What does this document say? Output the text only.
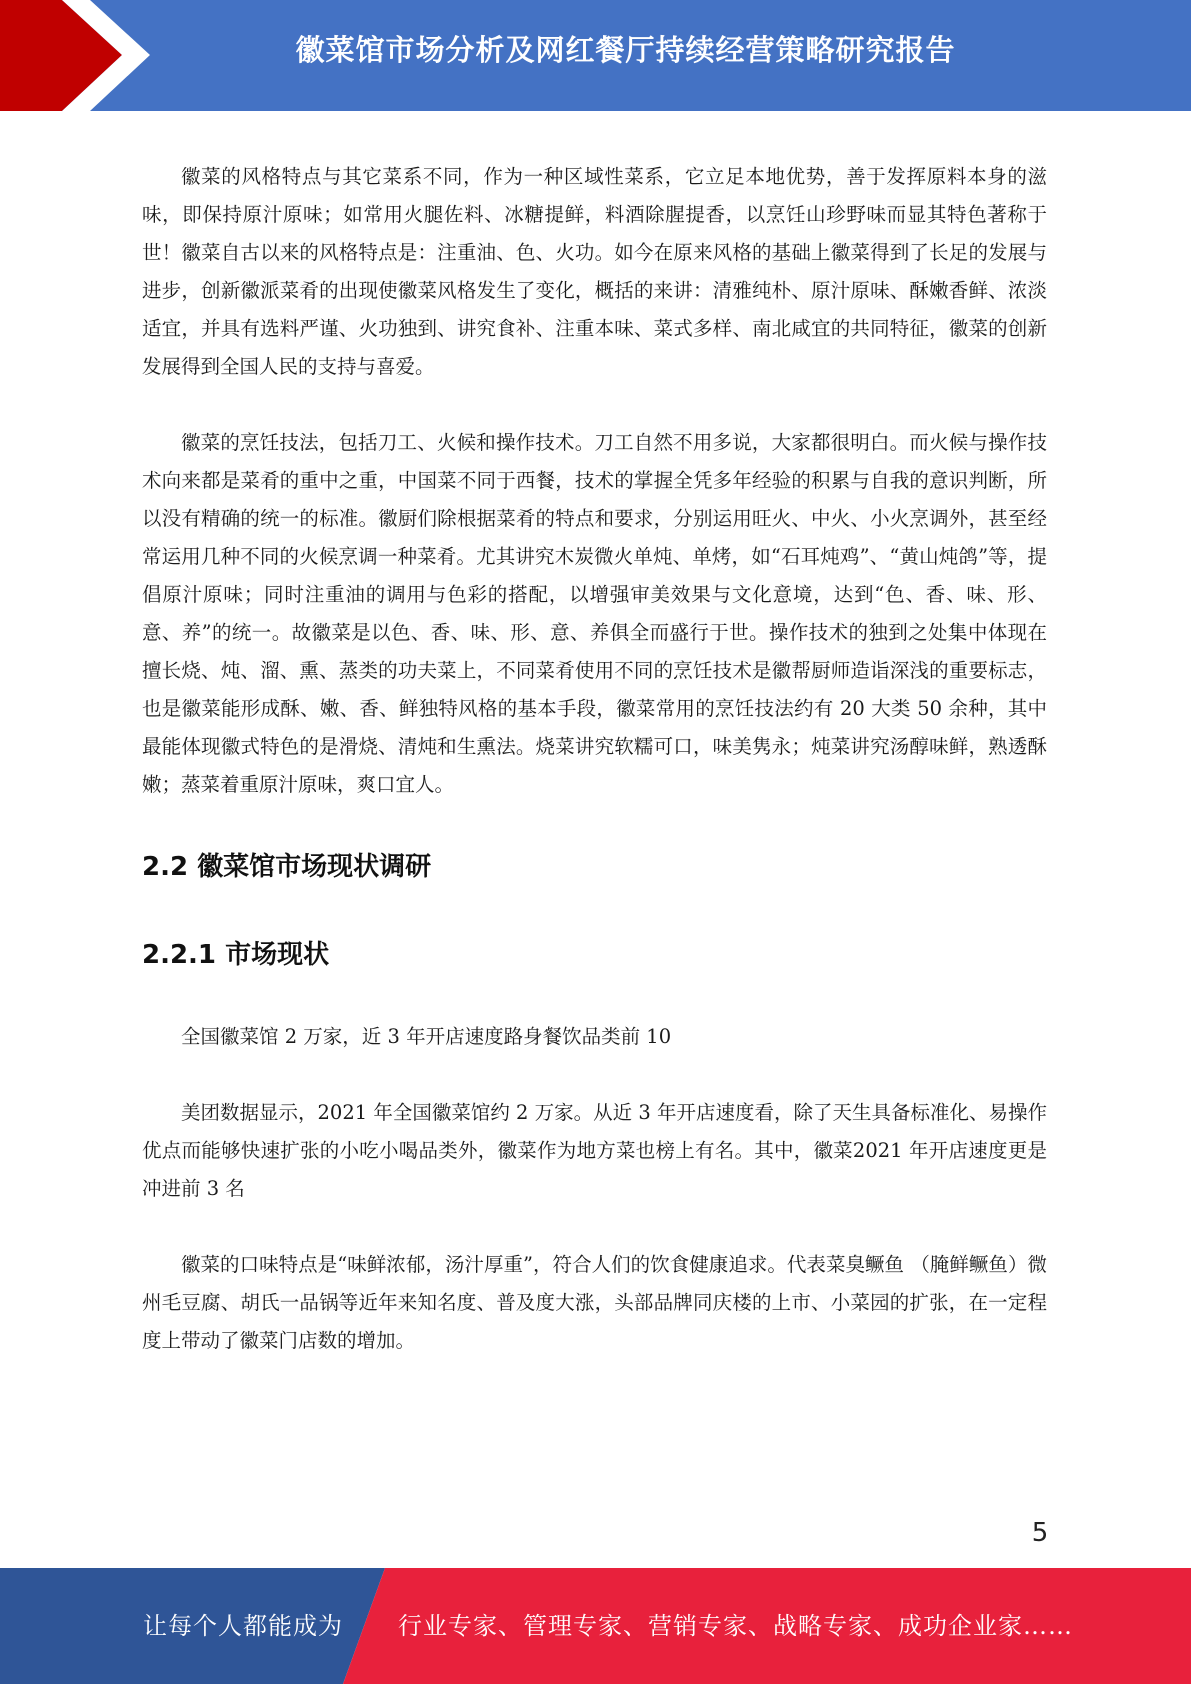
徽菜馆市场分析及网红餐厅持续经营策略研究报告

徽菜的风格特点与其它菜系不同，作为一种区域性菜系，它立足本地优势，善于发挥原料本身的滋味，即保持原汁原味；如常用火腿佐料、冰糖提鲜，料酒除腥提香，以烹饪山珍野味而显其特色著称于世！徽菜自古以来的风格特点是：注重油、色、火功。如今在原来风格的基础上徽菜得到了长足的发展与进步，创新徽派菜肴的出现使徽菜风格发生了变化，概括的来讲：清雅纯朴、原汁原味、酥嫩香鲜、浓淡适宜，并具有选料严谨、火功独到、讲究食补、注重本味、菜式多样、南北咸宜的共同特征，徽菜的创新发展得到全国人民的支持与喜爱。

徽菜的烹饪技法，包括刀工、火候和操作技术。刀工自然不用多说，大家都很明白。而火候与操作技术向来都是菜肴的重中之重，中国菜不同于西餐，技术的掌握全凭多年经验的积累与自我的意识判断，所以没有精确的统一的标准。徽厨们除根据菜肴的特点和要求，分别运用旺火、中火、小火烹调外，甚至经常运用几种不同的火候烹调一种菜肴。尤其讲究木炭微火单炖、单烤，如“石耳炖鸡”、“黄山炖鸽”等，提倡原汁原味；同时注重油的调用与色彩的搭配，以增强审美效果与文化意境，达到“色、香、味、形、意、养”的统一。故徽菜是以色、香、味、形、意、养俱全而盛行于世。操作技术的独到之处集中体现在擅长烧、炖、溜、熏、蒸类的功夫菜上，不同菜肴使用不同的烹饪技术是徽帮厨师造诣深浅的重要标志，也是徽菜能形成酥、嫩、香、鲜独特风格的基本手段，徽菜常用的烹饪技法约有 20 大类 50 余种，其中最能体现徽式特色的是滑烧、清炖和生熏法。烧菜讲究软糯可口，味美隽永；炖菜讲究汤醇味鲜，熟透酥嫩；蒸菜着重原汁原味，爽口宜人。

2.2 徽菜馆市场现状调研
2.2.1 市场现状

全国徽菜馆 2 万家，近 3 年开店速度路身餐饮品类前 10

美团数据显示，2021 年全国徽菜馆约 2 万家。从近 3 年开店速度看，除了天生具备标准化、易操作优点而能够快速扩张的小吃小喝品类外，徽菜作为地方菜也榜上有名。其中，徽菜2021 年开店速度更是冲进前 3 名

徽菜的口味特点是“味鲜浓郁，汤汁厚重”，符合人们的饮食健康追求。代表菜臭鳜鱼 （腌鲜鳜鱼）微州毛豆腐、胡氏一品锅等近年来知名度、普及度大涨，头部品牌同庆楼的上市、小菜园的扩张，在一定程度上带动了徽菜门店数的增加。

5
让每个人都能成为 行业专家、管理专家、营销专家、战略专家、成功企业家……
